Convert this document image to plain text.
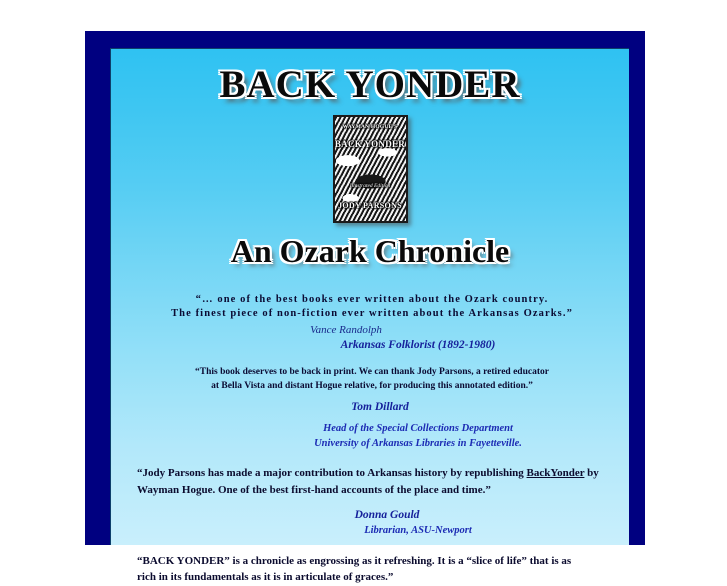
BACK YONDER
WAYMAN HOGUE'S
BACK YONDER
Illustrated Edition
JODY PARSONS
An Ozark Chronicle
“… one of the best books ever written about the Ozark country.
The finest piece of non-fiction ever written about the Arkansas Ozarks.”
Vance Randolph
Arkansas Folklorist (1892-1980)
“This book deserves to be back in print. We can thank Jody Parsons, a retired educator
at Bella Vista and distant Hogue relative, for producing this annotated edition.”
Tom Dillard
Head of the Special Collections Department
University of Arkansas Libraries in Fayetteville.
“Jody Parsons has made a major contribution to Arkansas history by republishing BackYonder by Wayman Hogue. One of the best first-hand accounts of the place and time.”
Donna Gould
Librarian, ASU-Newport
“BACK YONDER” is a chronicle as engrossing as it refreshing. It is a “slice of life” that is as
rich in its fundamentals as it is in articulate of graces.”
